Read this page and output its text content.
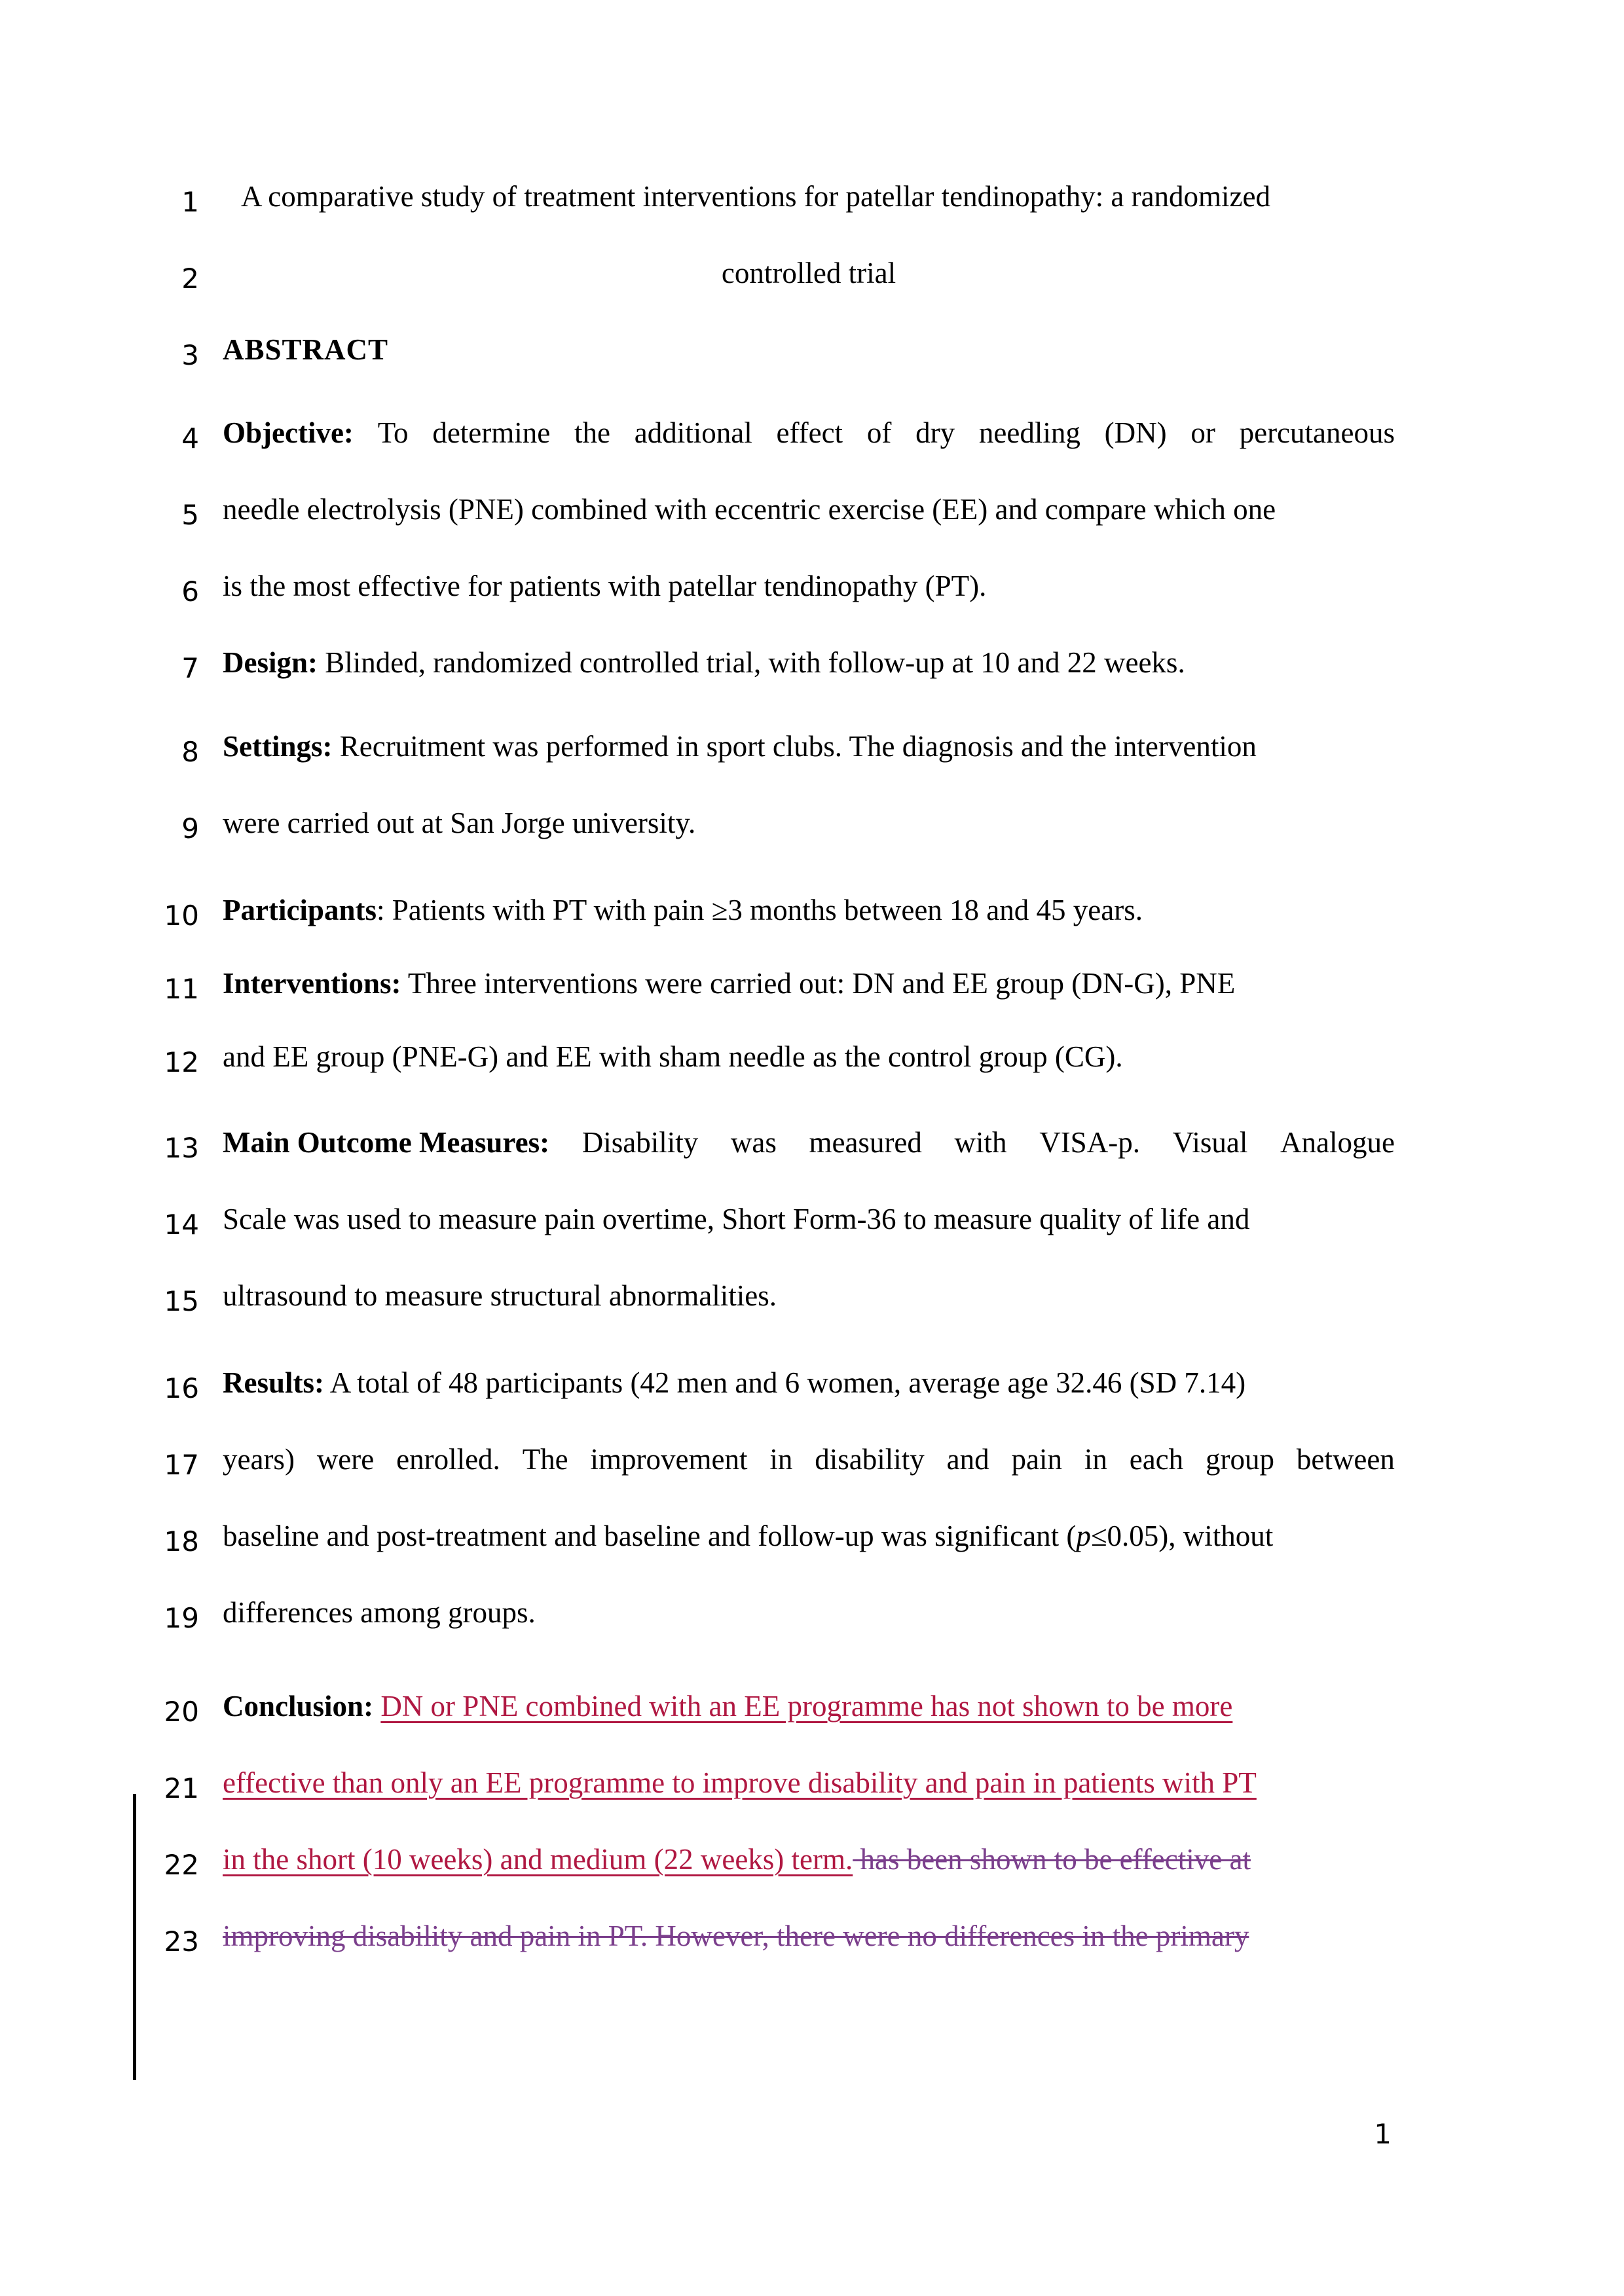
1 A comparative study of treatment interventions for patellar tendinopathy: a randomized
2	controlled trial
3 ABSTRACT
4 Objective: To determine the additional effect of dry needling (DN) or percutaneous
5 needle electrolysis (PNE) combined with eccentric exercise (EE) and compare which one
6 is the most effective for patients with patellar tendinopathy (PT).
7 Design: Blinded, randomized controlled trial, with follow-up at 10 and 22 weeks.
8 Settings: Recruitment was performed in sport clubs. The diagnosis and the intervention
9 were carried out at San Jorge university.
10 Participants: Patients with PT with pain ≥3 months between 18 and 45 years.
11 Interventions: Three interventions were carried out: DN and EE group (DN-G), PNE
12 and EE group (PNE-G) and EE with sham needle as the control group (CG).
13 Main Outcome Measures: Disability was measured with VISA-p. Visual Analogue
14 Scale was used to measure pain overtime, Short Form-36 to measure quality of life and
15 ultrasound to measure structural abnormalities.
16 Results: A total of 48 participants (42 men and 6 women, average age 32.46 (SD 7.14)
17 years) were enrolled. The improvement in disability and pain in each group between
18 baseline and post-treatment and baseline and follow-up was significant (p≤0.05), without
19 differences among groups.
20 Conclusion: DN or PNE combined with an EE programme has not shown to be more
21 effective than only an EE programme to improve disability and pain in patients with PT
22 in the short (10 weeks) and medium (22 weeks) term. has been shown to be effective at
23 improving disability and pain in PT. However, there were no differences in the primary
1
